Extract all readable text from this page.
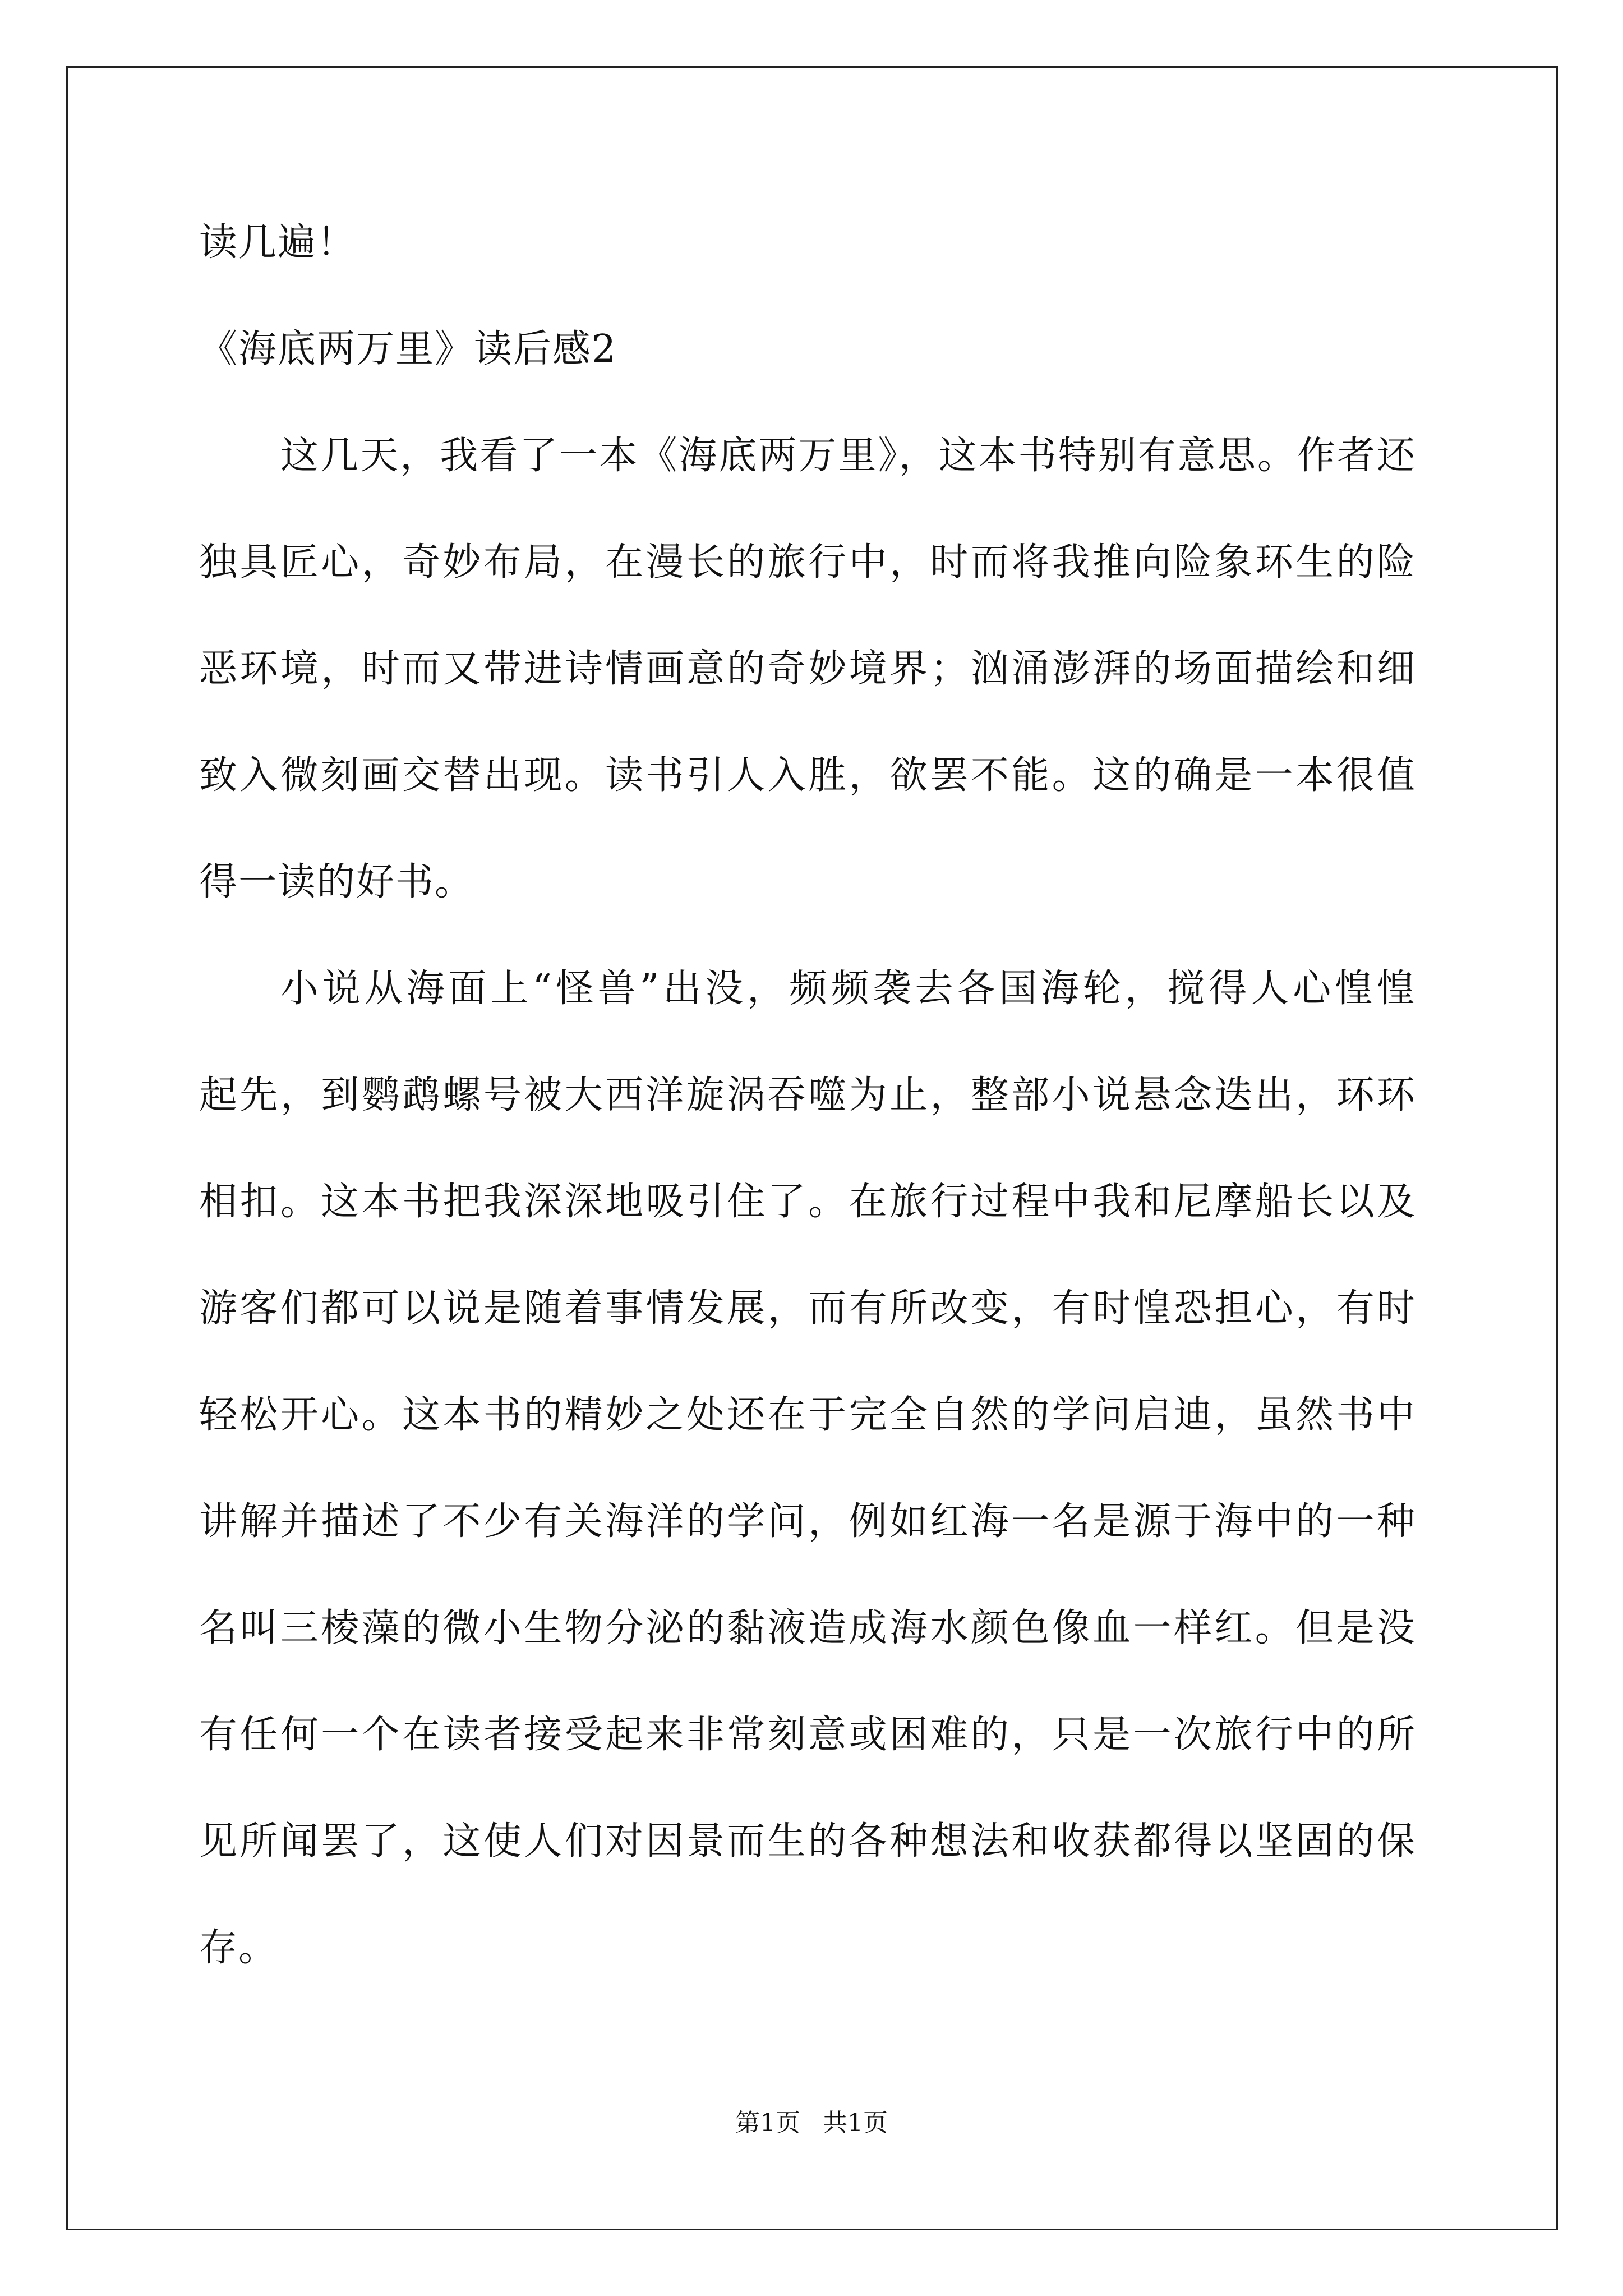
读几遍！
《海底两万里》读后感2
这几天，我看了一本《海底两万里》，这本书特别有意思。作者还
独具匠心，奇妙布局，在漫长的旅行中，时而将我推向险象环生的险
恶环境，时而又带进诗情画意的奇妙境界；汹涌澎湃的场面描绘和细
致入微刻画交替出现。读书引人入胜，欲罢不能。这的确是一本很值
得一读的好书。
小说从海面上“怪兽”出没，频频袭去各国海轮，搅得人心惶惶
起先，到鹦鹉螺号被大西洋旋涡吞噬为止，整部小说悬念迭出，环环
相扣。这本书把我深深地吸引住了。在旅行过程中我和尼摩船长以及
游客们都可以说是随着事情发展，而有所改变，有时惶恐担心，有时
轻松开心。这本书的精妙之处还在于完全自然的学问启迪，虽然书中
讲解并描述了不少有关海洋的学问，例如红海一名是源于海中的一种
名叫三棱藻的微小生物分泌的黏液造成海水颜色像血一样红。但是没
有任何一个在读者接受起来非常刻意或困难的，只是一次旅行中的所
见所闻罢了，这使人们对因景而生的各种想法和收获都得以坚固的保
存。
第1页 共1页
